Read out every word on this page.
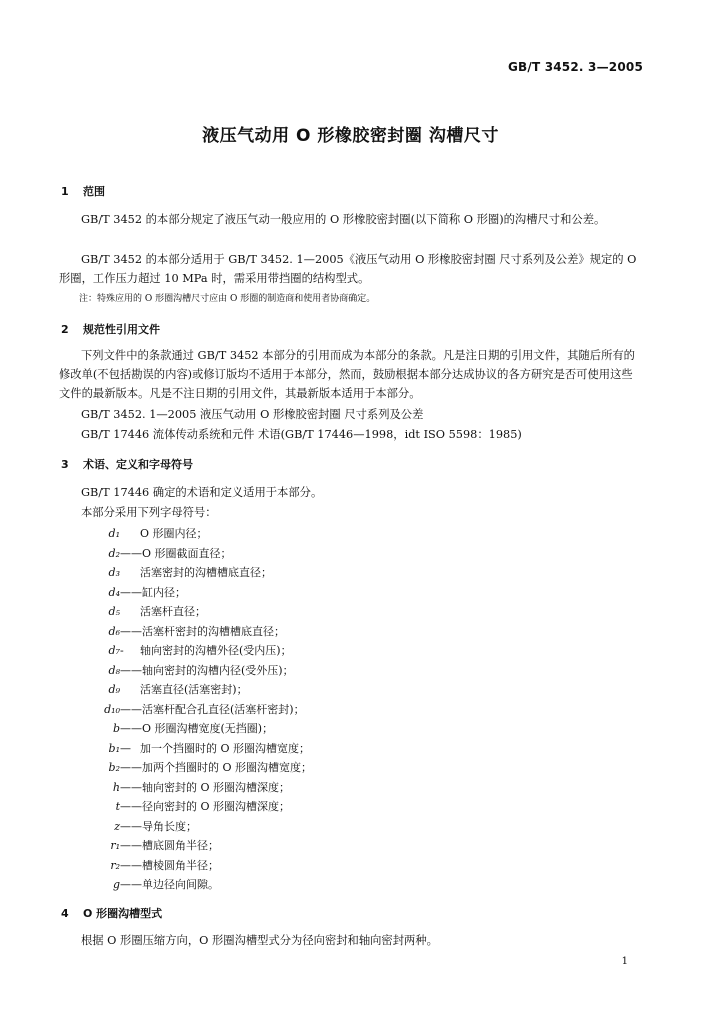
GB/T 3452. 3—2005
液压气动用 O 形橡胶密封圈 沟槽尺寸
1 范围
GB/T 3452 的本部分规定了液压气动一般应用的 O 形橡胶密封圈(以下简称 O 形圈)的沟槽尺寸和公差。
GB/T 3452 的本部分适用于 GB/T 3452. 1—2005《液压气动用 O 形橡胶密封圈 尺寸系列及公差》规定的 O 形圈，工作压力超过 10 MPa 时，需采用带挡圈的结构型式。
注：特殊应用的 O 形圈沟槽尺寸应由 O 形圈的制造商和使用者协商确定。
2 规范性引用文件
下列文件中的条款通过 GB/T 3452 本部分的引用而成为本部分的条款。凡是注日期的引用文件，其随后所有的修改单(不包括勘误的内容)或修订版均不适用于本部分，然而，鼓励根据本部分达成协议的各方研究是否可使用这些文件的最新版本。凡是不注日期的引用文件，其最新版本适用于本部分。
GB/T 3452. 1—2005 液压气动用 O 形橡胶密封圈 尺寸系列及公差
GB/T 17446 流体传动系统和元件 术语(GB/T 17446—1998，idt ISO 5598：1985)
3 术语、定义和字母符号
GB/T 17446 确定的术语和定义适用于本部分。
本部分采用下列字母符号：
d₁ O 形圈内径；
d₂——O 形圈截面直径；
d₃ 活塞密封的沟槽槽底直径；
d₄——缸内径；
d₅ 活塞杆直径；
d₆——活塞杆密封的沟槽槽底直径；
d₇- 轴向密封的沟槽外径(受内压)；
d₈——轴向密封的沟槽内径(受外压)；
d₉ 活塞直径(活塞密封)；
d₁₀——活塞杆配合孔直径(活塞杆密封)；
b——O 形圈沟槽宽度(无挡圈)；
b₁— 加一个挡圈时的 O 形圈沟槽宽度；
b₂——加两个挡圈时的 O 形圈沟槽宽度；
h——轴向密封的 O 形圈沟槽深度；
t——径向密封的 O 形圈沟槽深度；
z——导角长度；
r₁——槽底圆角半径；
r₂——槽棱圆角半径；
g——单边径向间隙。
4 O 形圈沟槽型式
根据 O 形圈压缩方向，O 形圈沟槽型式分为径向密封和轴向密封两种。
1
